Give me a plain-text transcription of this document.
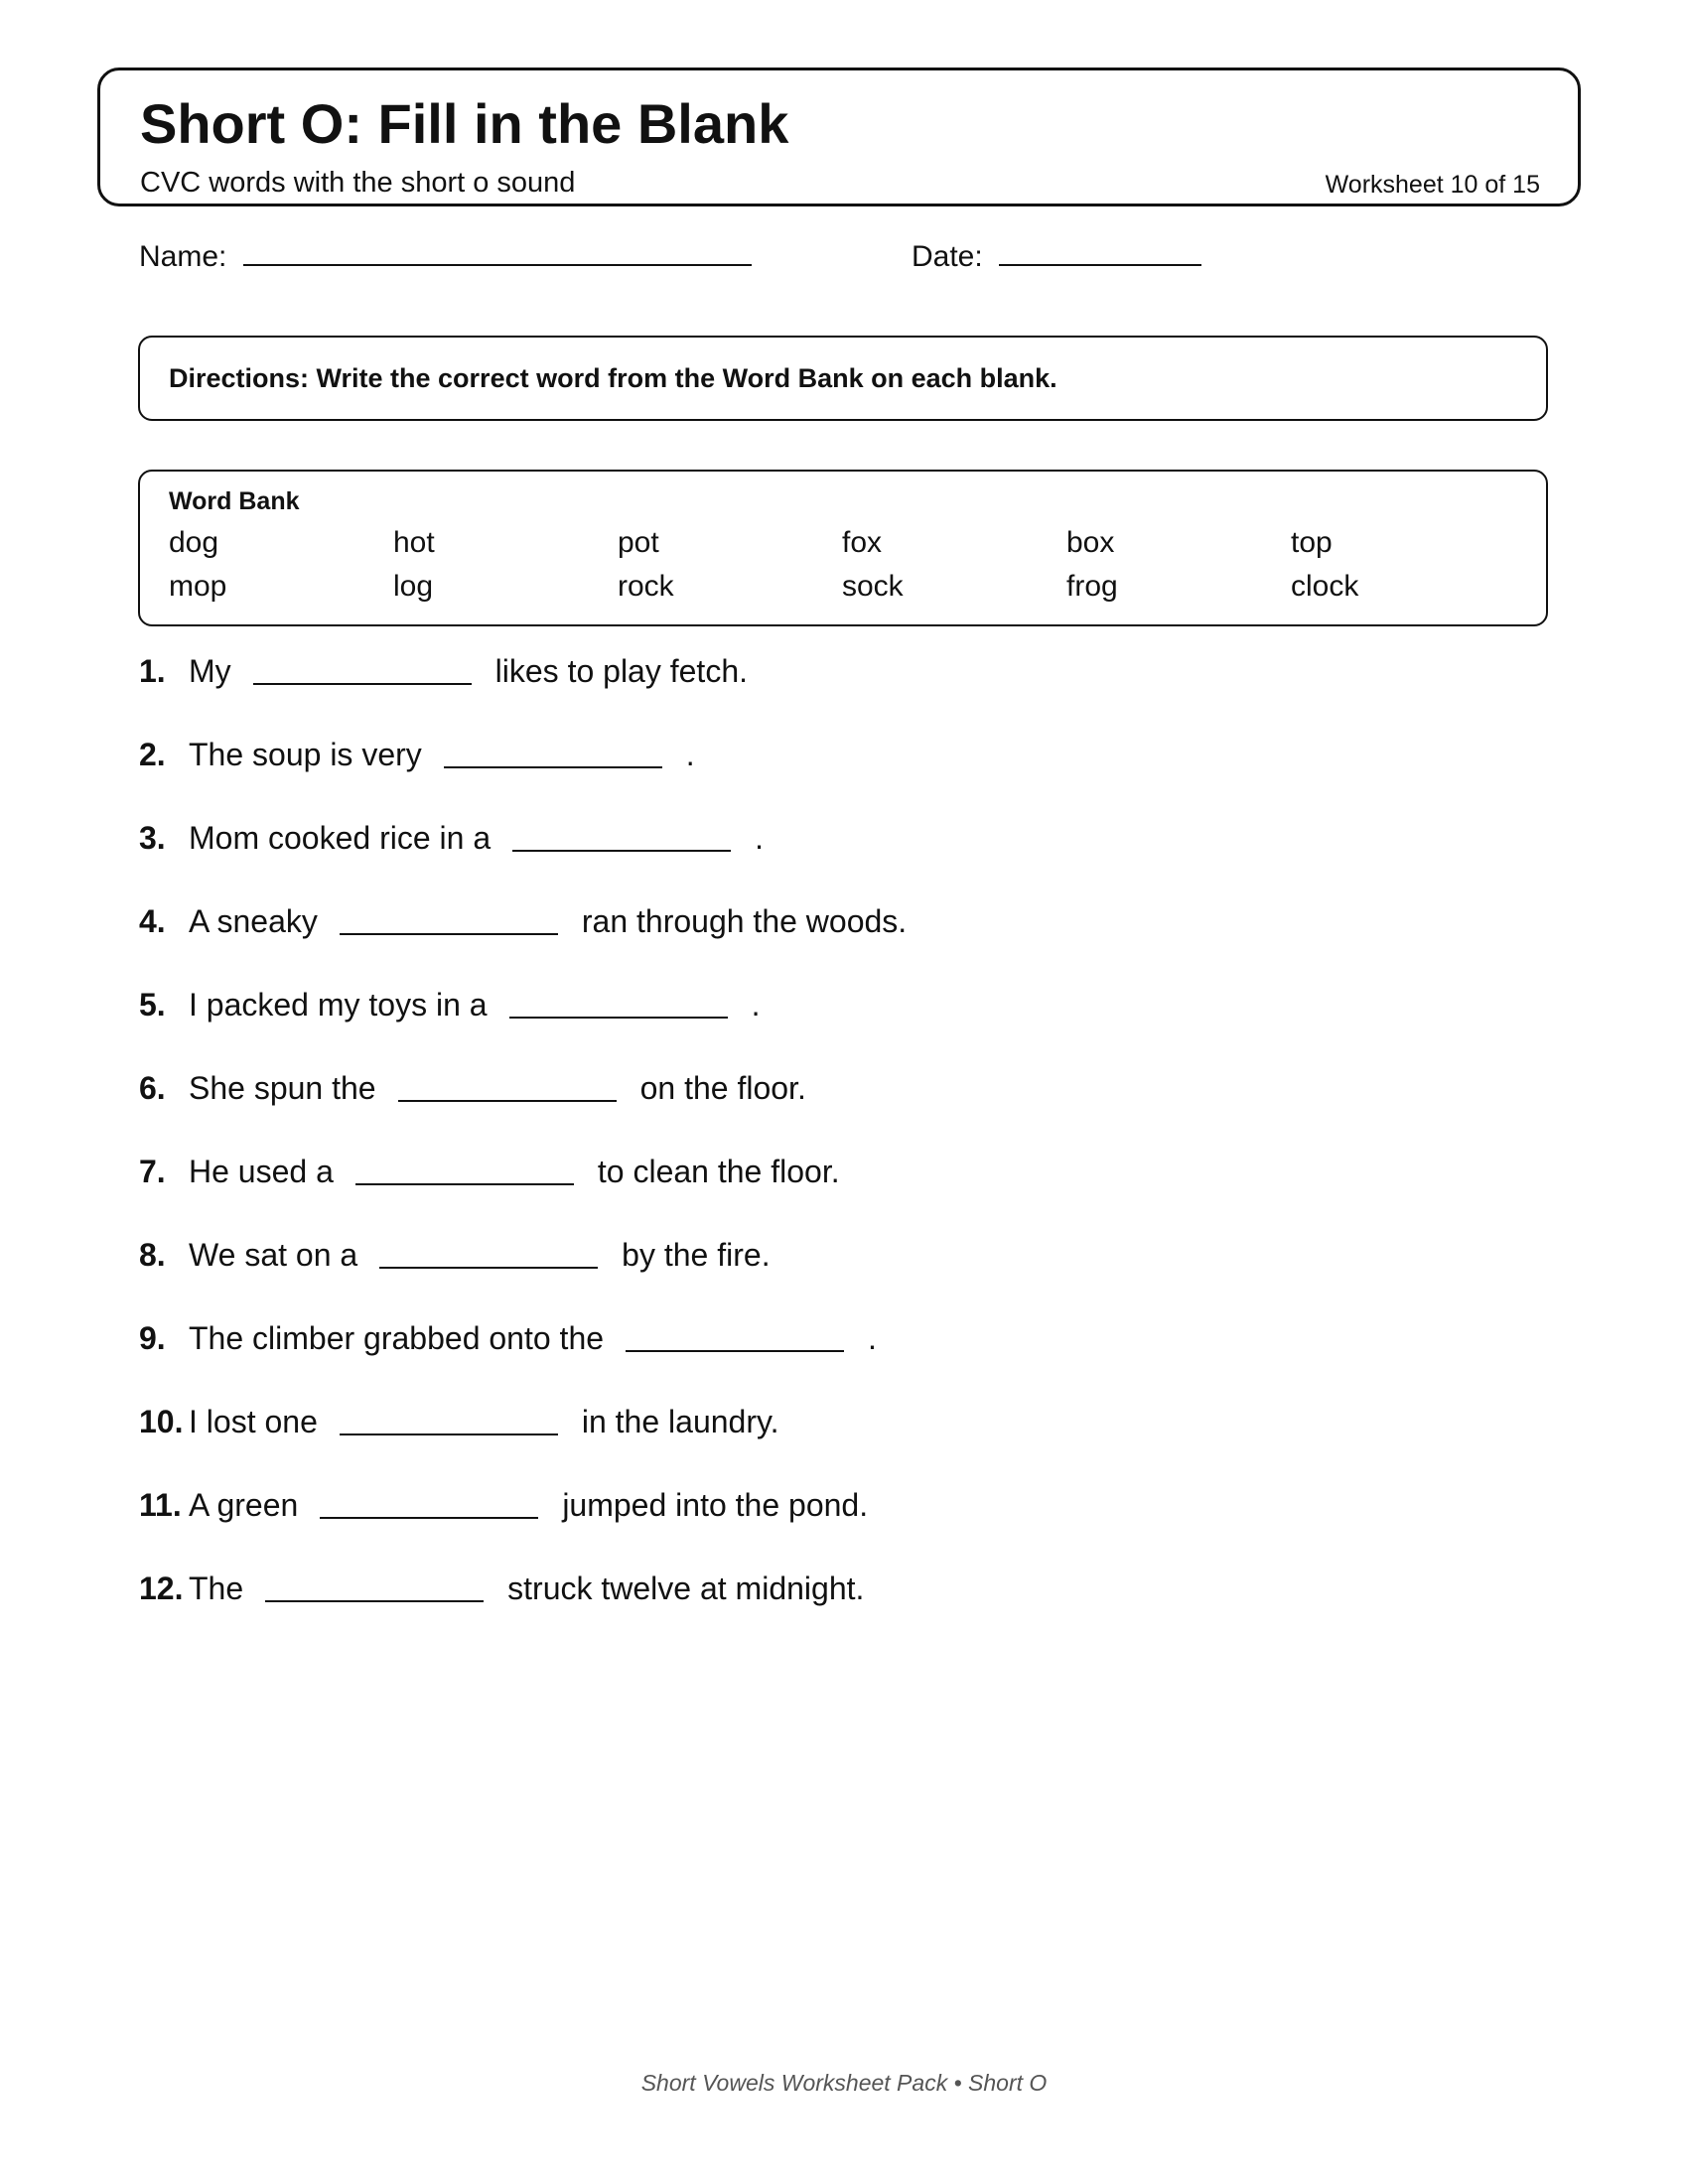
Short O: Fill in the Blank
CVC words with the short o sound	Worksheet 10 of 15
Name:	Date:
Directions: Write the correct word from the Word Bank on each blank.
Word Bank
dog	hot	pot	fox	box	top
mop	log	rock	sock	frog	clock
1. My	likes to play fetch.
2. The soup is very	.
3. Mom cooked rice in a	.
4. A sneaky	ran through the woods.
5. I packed my toys in a	.
6. She spun the	on the floor.
7. He used a	to clean the floor.
8. We sat on a	by the fire.
9. The climber grabbed onto the	.
10. I lost one	in the laundry.
11. A green	jumped into the pond.
12. The	struck twelve at midnight.
Short Vowels Worksheet Pack • Short O
